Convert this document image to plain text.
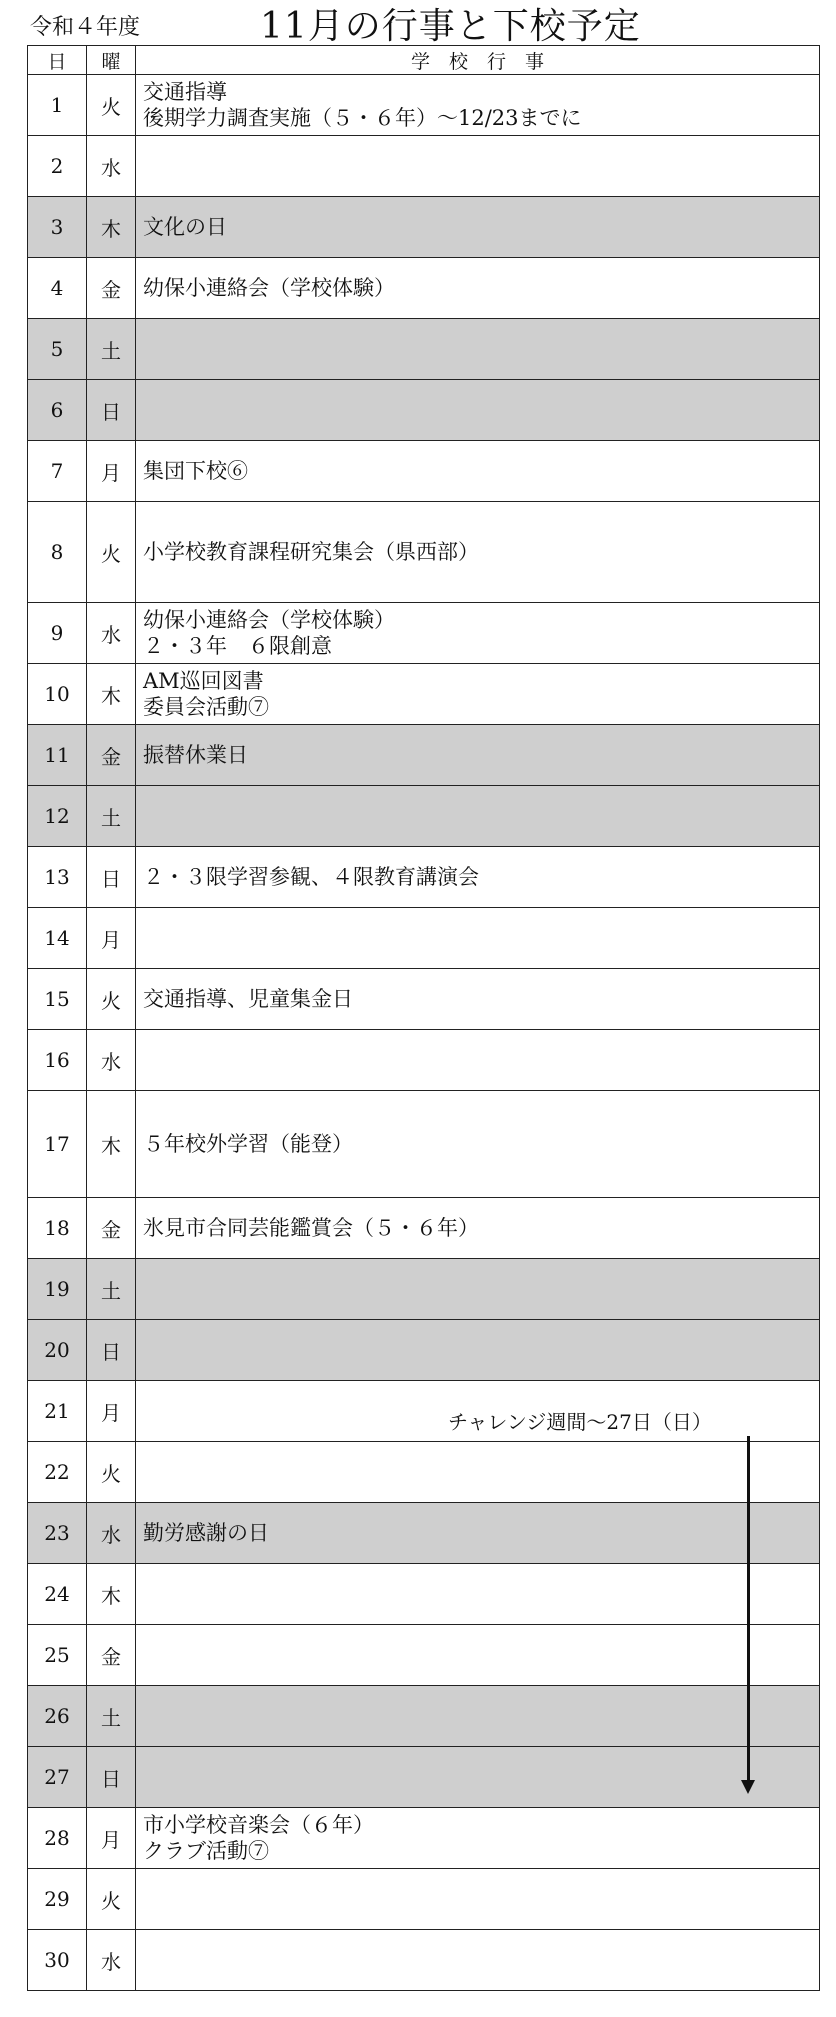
令和４年度	11月の行事と下校予定
日	曜	学　校　行　事
1	火	交通指導
後期学力調査実施（５・６年）～12/23までに

2	水	
3	木	文化の日

4	金	幼保小連絡会（学校体験）

5	土	
6	日	
7	月	集団下校⑥

8	火	小学校教育課程研究集会（県西部）

9	水	幼保小連絡会（学校体験）
２・３年　６限創意

10	木	AM巡回図書
委員会活動⑦

11	金	振替休業日

12	土	
13	日	２・３限学習参観、４限教育講演会

14	月	
15	火	交通指導、児童集金日

16	水	
17	木	５年校外学習（能登）

18	金	氷見市合同芸能鑑賞会（５・６年）

19	土	
20	日	
21	月	
22	火	
23	水	勤労感謝の日

24	木	
25	金	
26	土	
27	日	
28	月	市小学校音楽会（６年）
クラブ活動⑦

29	火	
30	水	
チャレンジ週間～27日（日）
